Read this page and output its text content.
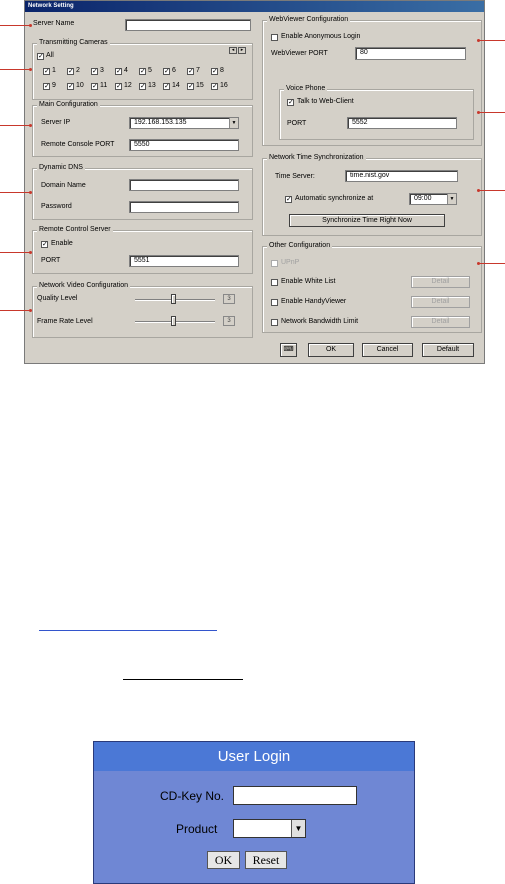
Network Setting
Server Name
Transmitting Cameras
◂	▸
✓ All
✓ 1 ✓ 2 ✓ 3 ✓ 4 ✓ 5 ✓ 6 ✓ 7 ✓ 8
✓ 9 ✓ 10 ✓ 11 ✓ 12 ✓ 13 ✓ 14 ✓ 15 ✓ 16
Main Configuration
Server IP	192.168.153.135	▼
Remote Console PORT	5550
Dynamic DNS
Domain Name
Password
Remote Control Server
✓ Enable
PORT	5551
Network Video Configuration
Quality Level	3
Frame Rate Level	3
WebViewer Configuration
Enable Anonymous Login
WebViewer PORT	80
Voice Phone
✓ Talk to Web-Client
PORT	5552
Network Time Synchronization
Time Server:	time.nist.gov
✓ Automatic synchronize at	09:00	▼
Synchronize Time Right Now
Other Configuration
UPnP
Enable White List	Detail
Enable HandyViewer	Detail
Network Bandwidth Limit	Detail
⌨	OK	Cancel	Default
User Login
CD-Key No.
Product	▼
OK	Reset
